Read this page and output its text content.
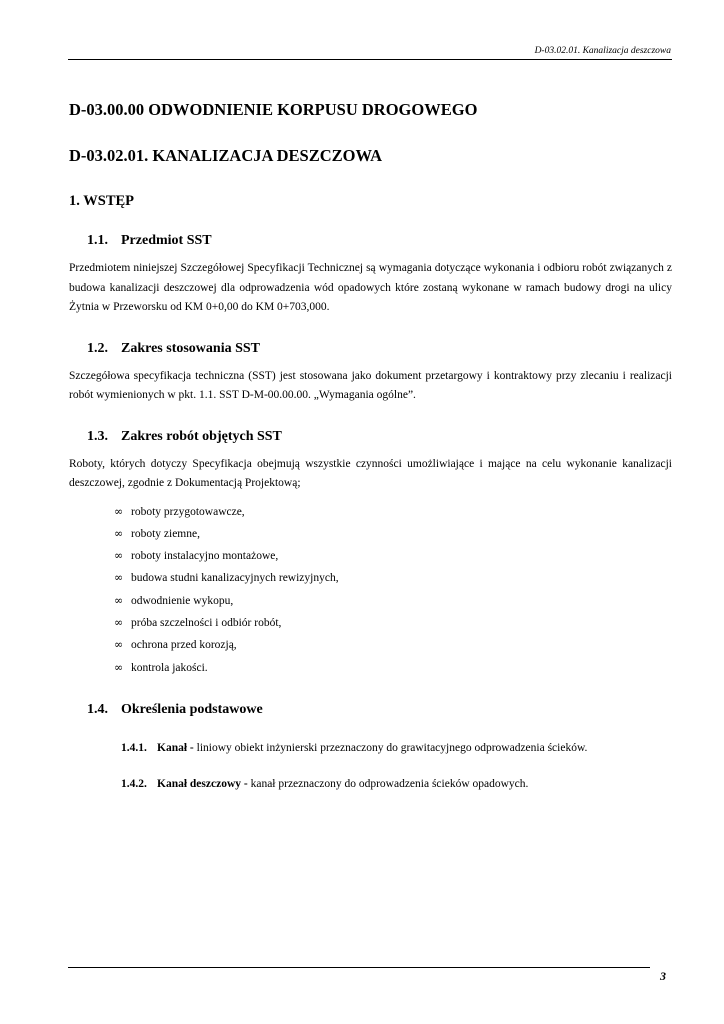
D-03.02.01. Kanalizacja deszczowa
D-03.00.00 ODWODNIENIE KORPUSU DROGOWEGO
D-03.02.01. KANALIZACJA DESZCZOWA
1. WSTĘP
1.1. Przedmiot SST

Przedmiotem niniejszej Szczegółowej Specyfikacji Technicznej są wymagania dotyczące wykonania i odbioru robót związanych z budowa kanalizacji deszczowej dla odprowadzenia wód opadowych które zostaną wykonane w ramach budowy drogi na ulicy Żytnia w Przeworsku od KM 0+0,00 do KM 0+703,000.

1.2. Zakres stosowania SST

Szczegółowa specyfikacja techniczna (SST) jest stosowana jako dokument przetargowy i kontraktowy przy zlecaniu i realizacji robót wymienionych w pkt. 1.1. SST D-M-00.00.00. „Wymagania ogólne”.

1.3. Zakres robót objętych SST

Roboty, których dotyczy Specyfikacja obejmują wszystkie czynności umożliwiające i mające na celu wykonanie kanalizacji deszczowej, zgodnie z Dokumentacją Projektową;

∞ roboty przygotowawcze,
∞ roboty ziemne,
∞ roboty instalacyjno montażowe,
∞ budowa studni kanalizacyjnych rewizyjnych,
∞ odwodnienie wykopu,
∞ próba szczelności i odbiór robót,
∞ ochrona przed korozją,
∞ kontrola jakości.
1.4. Określenia podstawowe
1.4.1. Kanał - liniowy obiekt inżynierski przeznaczony do grawitacyjnego odprowadzenia ścieków.
1.4.2. Kanał deszczowy - kanał przeznaczony do odprowadzenia ścieków opadowych.
3
